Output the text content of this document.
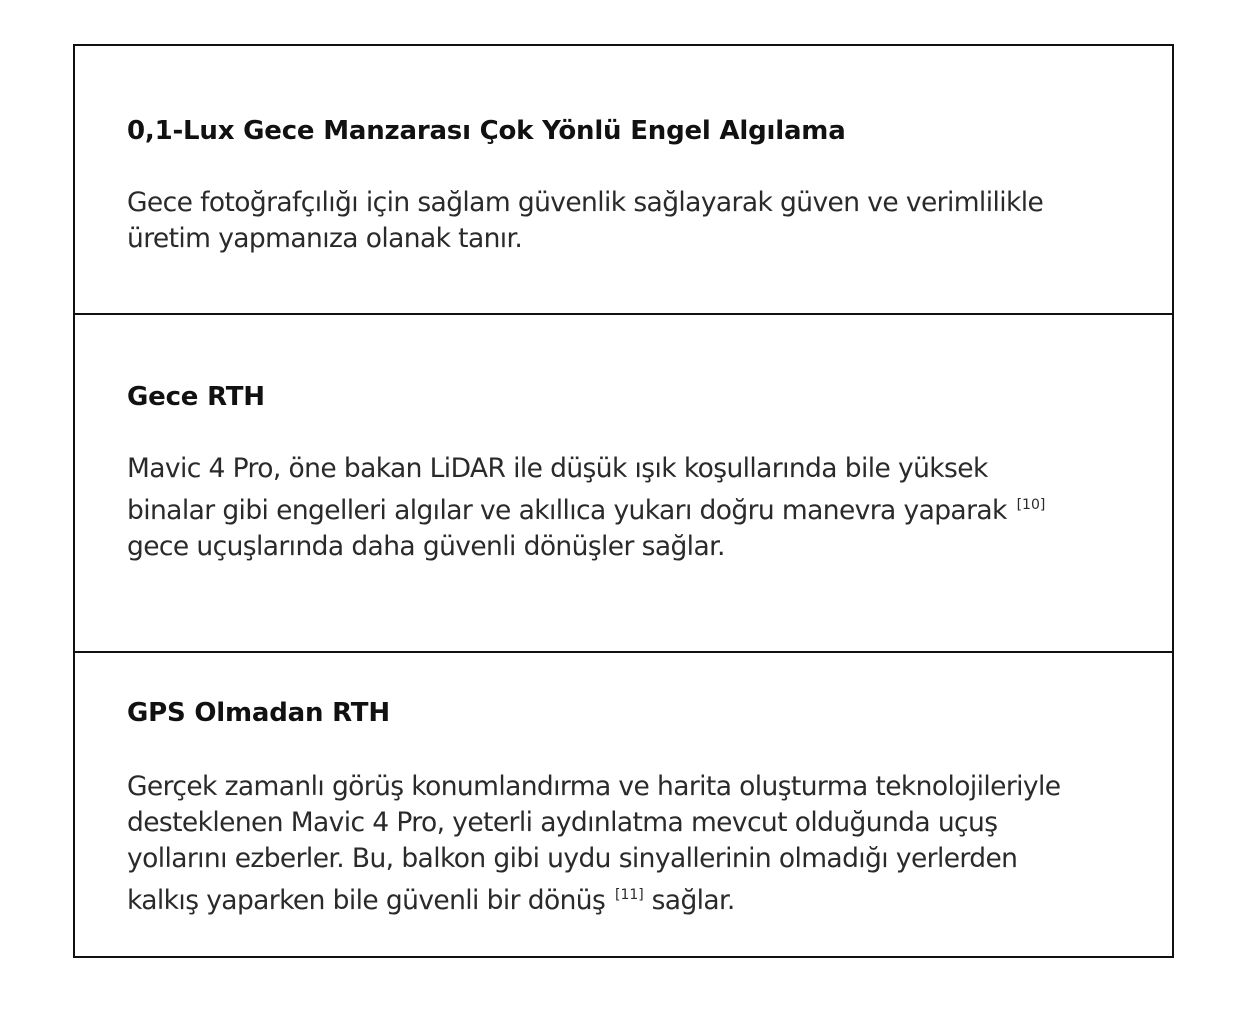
0,1-Lux Gece Manzarası Çok Yönlü Engel Algılama

Gece fotoğrafçılığı için sağlam güvenlik sağlayarak güven ve verimlilikle
üretim yapmanıza olanak tanır.

Gece RTH

Mavic 4 Pro, öne bakan LiDAR ile düşük ışık koşullarında bile yüksek
binalar gibi engelleri algılar ve akıllıca yukarı doğru manevra yaparak [10]
gece uçuşlarında daha güvenli dönüşler sağlar.

GPS Olmadan RTH

Gerçek zamanlı görüş konumlandırma ve harita oluşturma teknolojileriyle
desteklenen Mavic 4 Pro, yeterli aydınlatma mevcut olduğunda uçuş
yollarını ezberler. Bu, balkon gibi uydu sinyallerinin olmadığı yerlerden
kalkış yaparken bile güvenli bir dönüş [11] sağlar.
